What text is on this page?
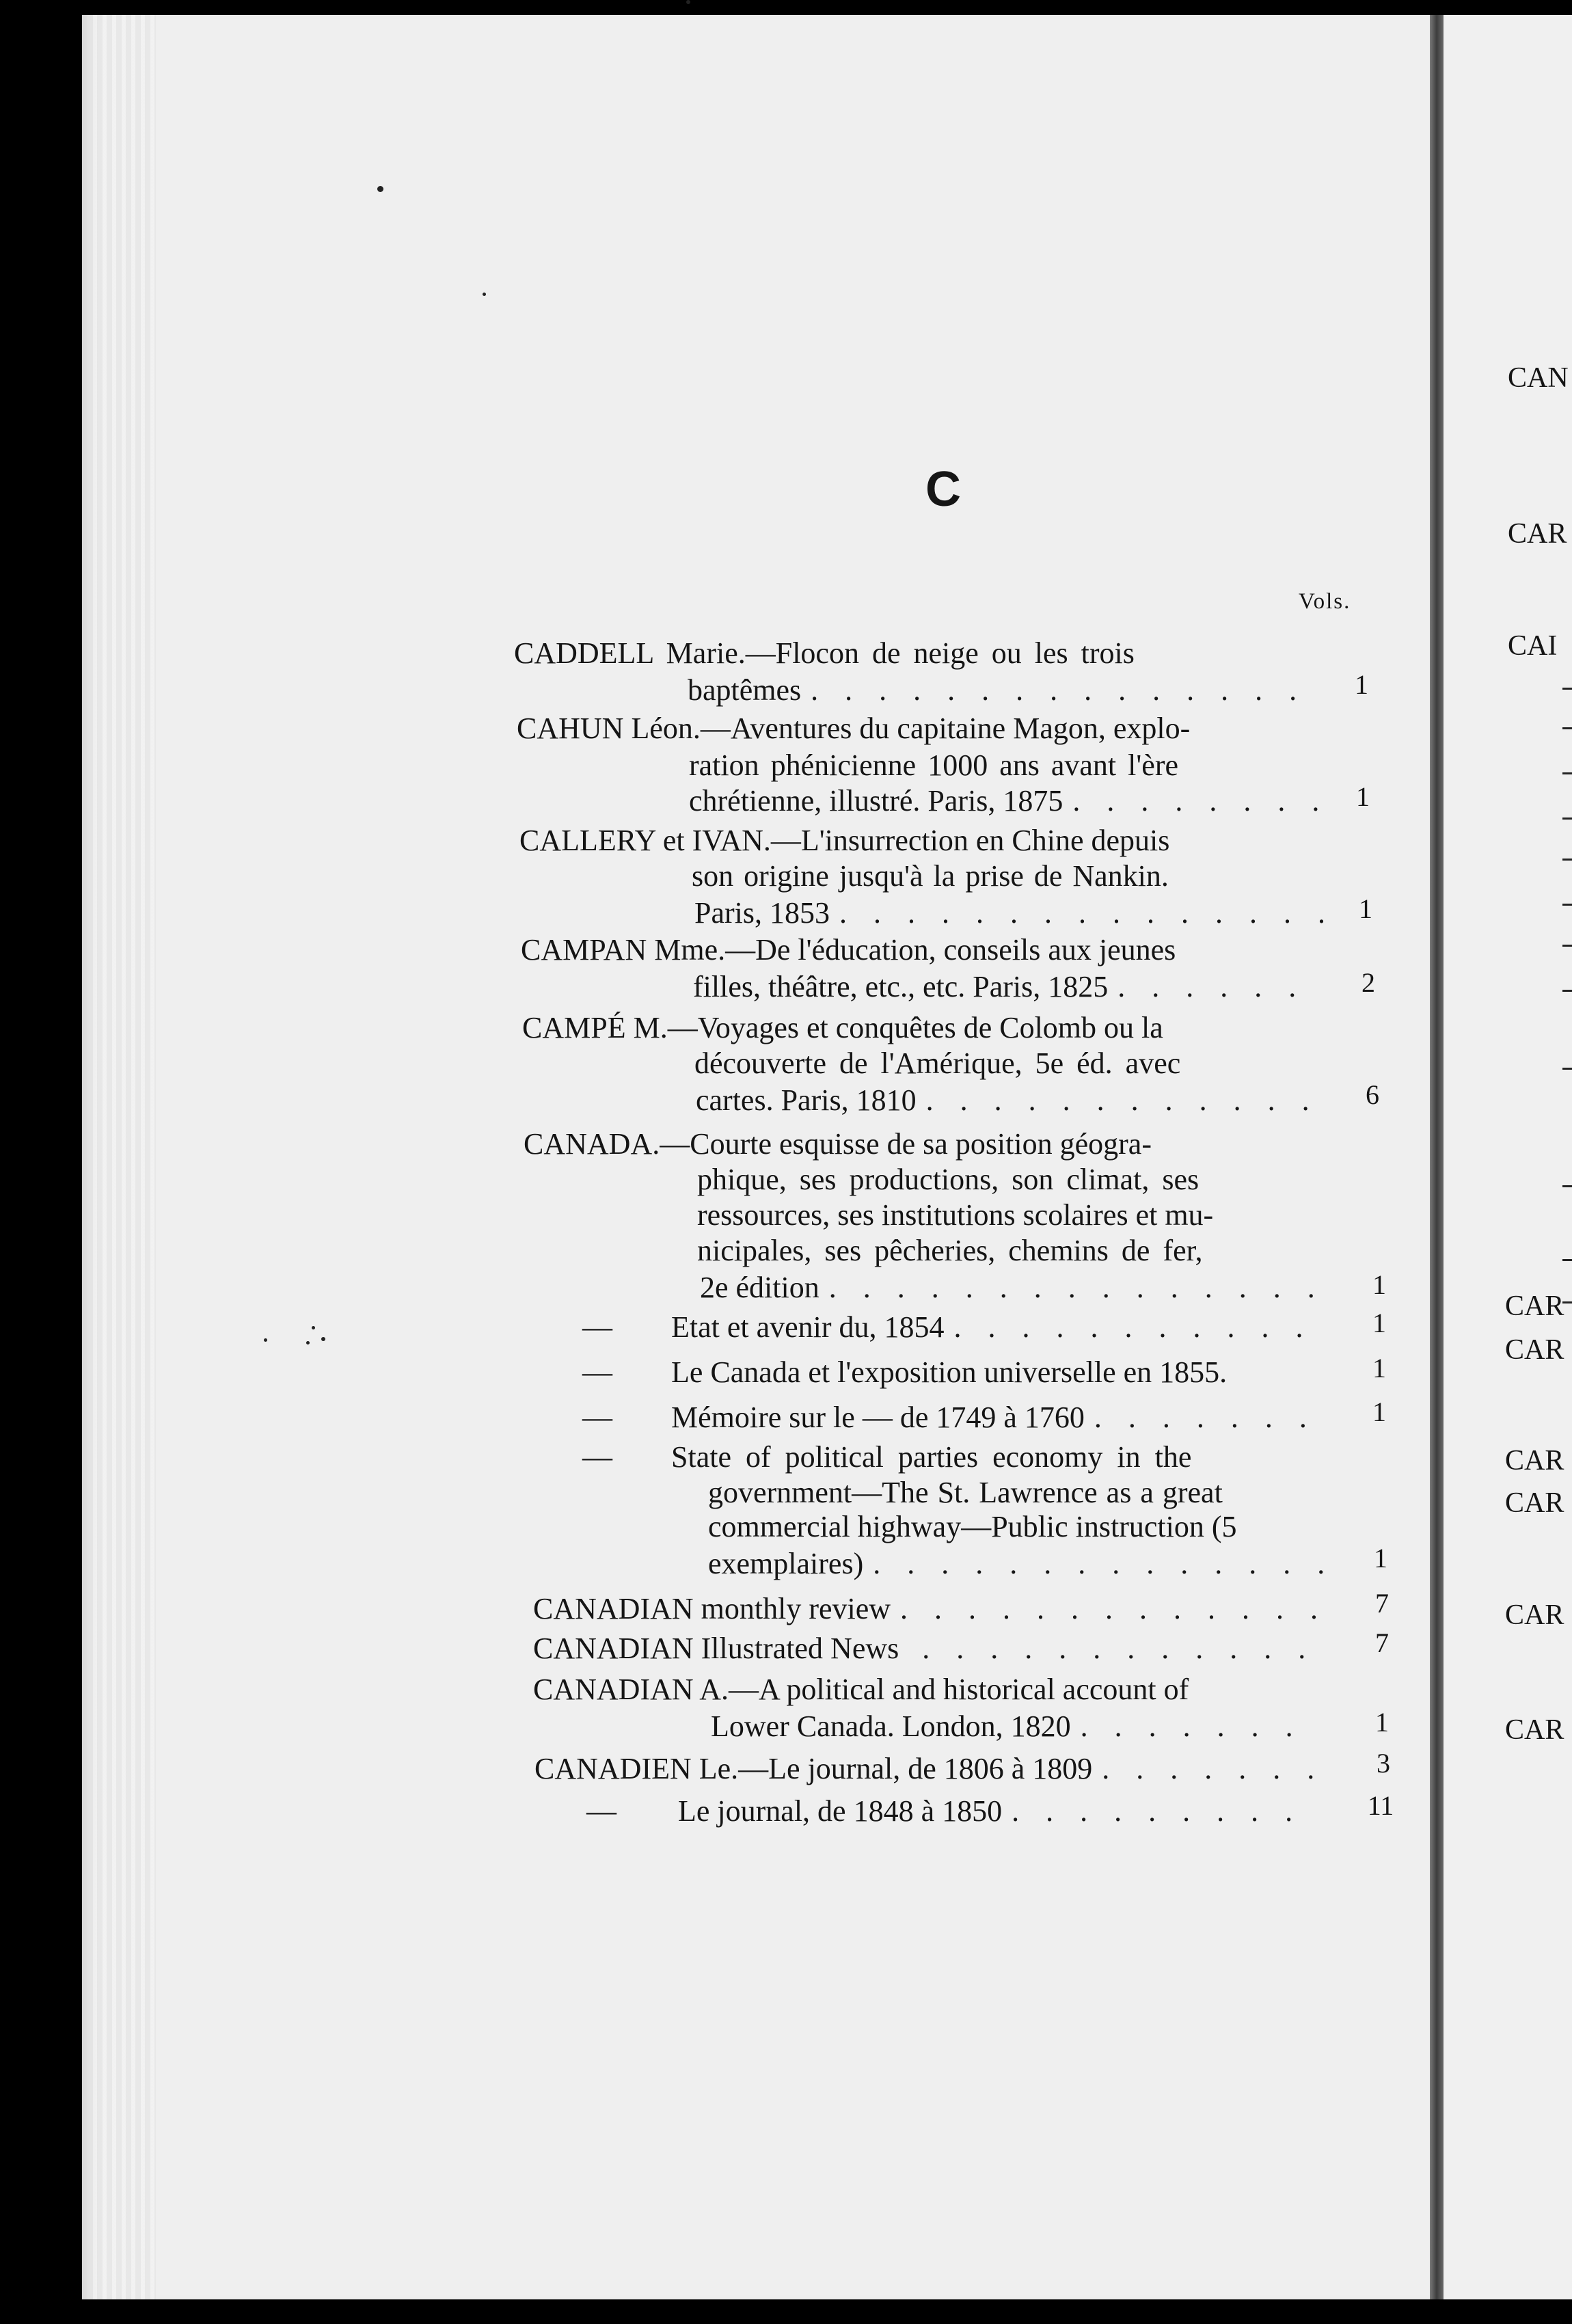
C
Vols.
CADDELL Marie.—Flocon de neige ou les trois
baptêmes . . . . . . . . . . . . . . . 1
CAHUN Léon.—Aventures du capitaine Magon, explo-
ration phénicienne 1000 ans avant l'ère
chrétienne, illustré. Paris, 1875 . . . . . . . . 1
CALLERY et IVAN.—L'insurrection en Chine depuis
son origine jusqu'à la prise de Nankin.
Paris, 1853 . . . . . . . . . . . . . . . 1
CAMPAN Mme.—De l'éducation, conseils aux jeunes
filles, théâtre, etc., etc. Paris, 1825 . . . . . . 2
CAMPÉ M.—Voyages et conquêtes de Colomb ou la
découverte de l'Amérique, 5e éd. avec
cartes. Paris, 1810 . . . . . . . . . . . . 6
CANADA.—Courte esquisse de sa position géogra-
phique, ses productions, son climat, ses
ressources, ses institutions scolaires et mu-
nicipales, ses pêcheries, chemins de fer,
2e édition . . . . . . . . . . . . . . . 1
— Etat et avenir du, 1854 . . . . . . . . . . . 1
— Le Canada et l'exposition universelle en 1855.	1
— Mémoire sur le — de 1749 à 1760 . . . . . . . 1
— State of political parties economy in the
government—The St. Lawrence as a great
commercial highway—Public instruction (5
exemplaires) . . . . . . . . . . . . . . 1
CANADIAN monthly review . . . . . . . . . . . . . 7
CANADIAN Illustrated News . . . . . . . . . . . . 7
CANADIAN A.—A political and historical account of
Lower Canada. London, 1820 . . . . . . .	1
CANADIEN Le.—Le journal, de 1806 à 1809 . . . . . . . 3
— Le journal, de 1848 à 1850 . . . . . . . . . 11
CAN
CAR
CAI
CAR
CAR
CAR
CAR
CAR
CAR
